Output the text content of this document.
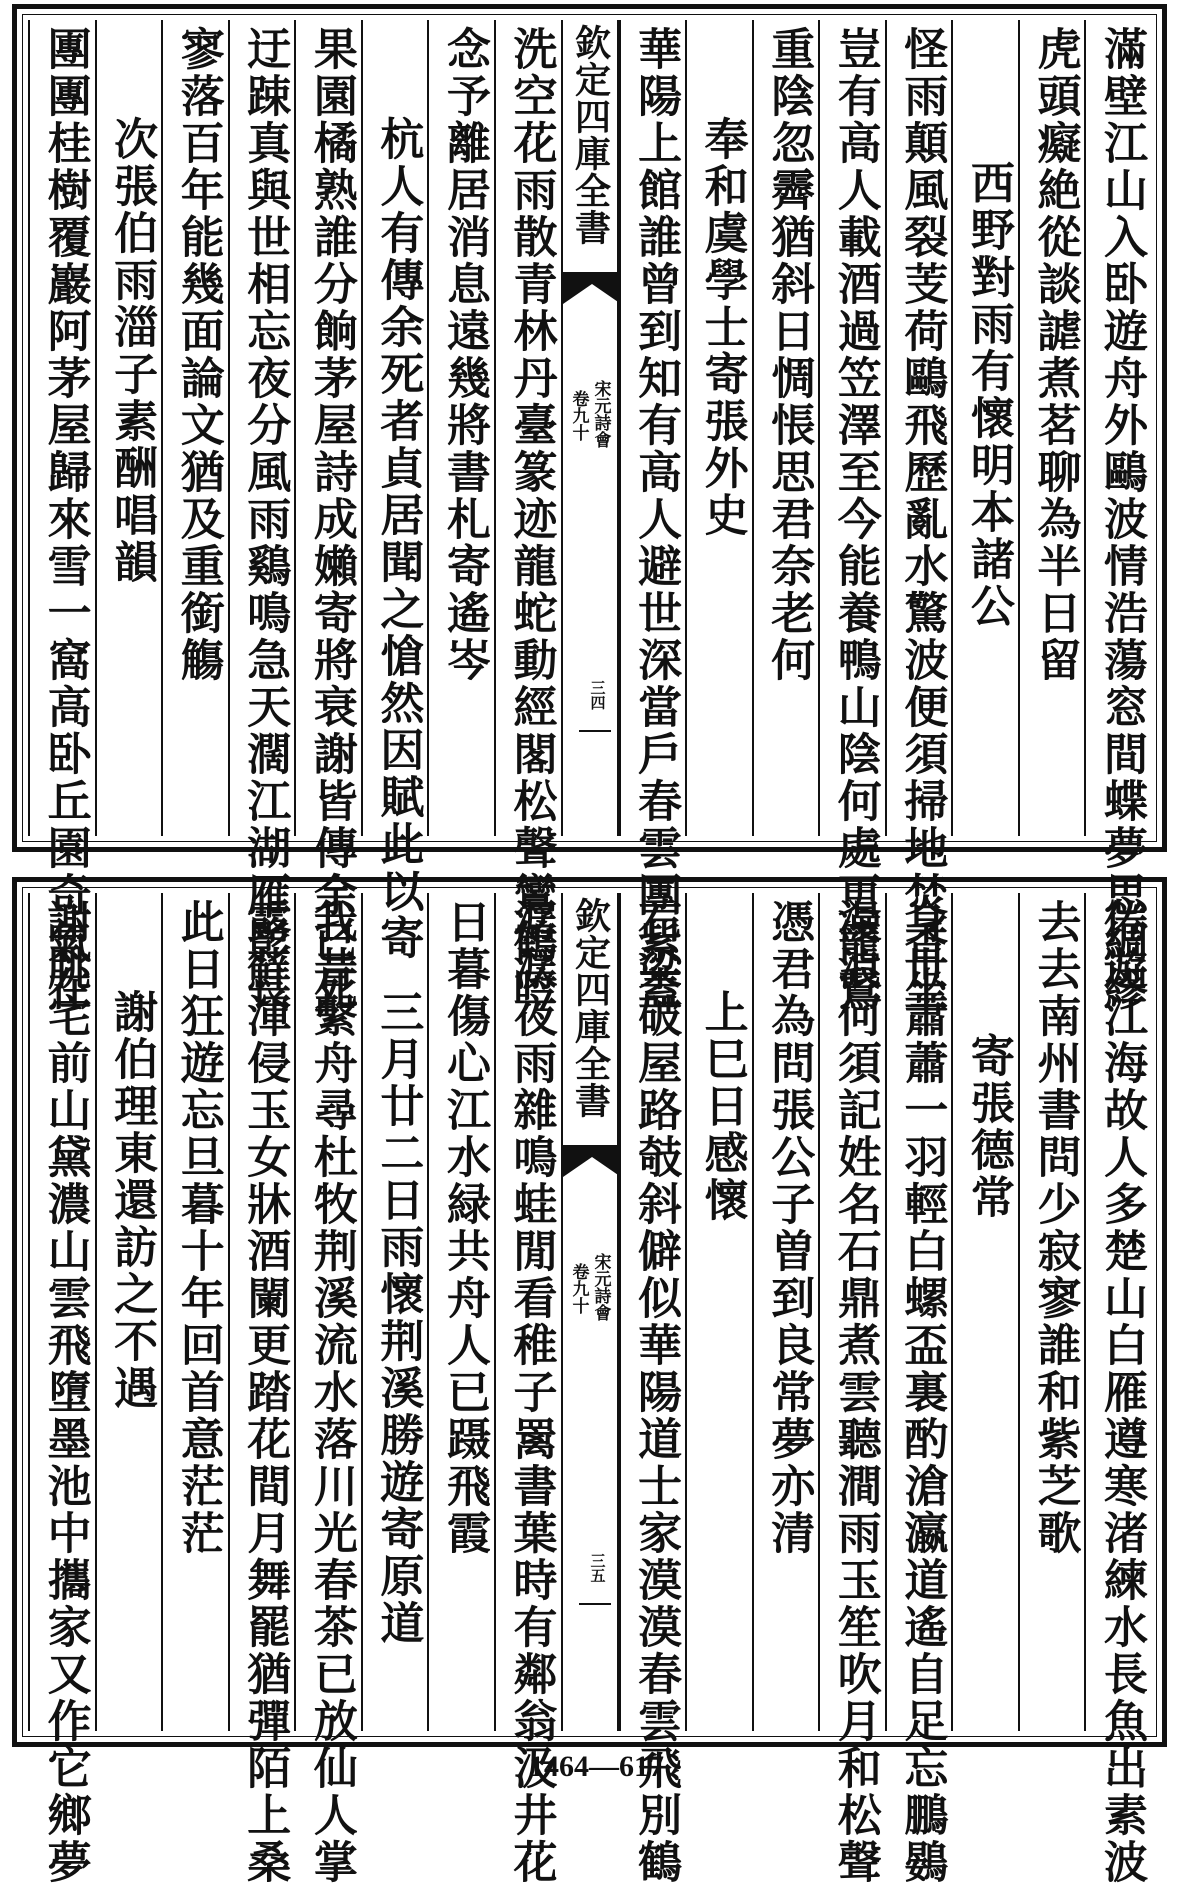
滿壁江山入卧遊舟外鷗波情浩蕩窓間蝶夢思綢繆
虎頭癡絶從談謔煮茗聊為半日留
西野對雨有懷明本諸公
怪雨顛風裂芰荷鷗飛歷亂水驚波便須掃地焚香坐
豈有高人載酒過笠澤至今能養鴨山陰何處更籠鵞
重陰忽霽猶斜日惆悵思君奈老何
奉和虞學士寄張外史
華陽上館誰曾到知有高人避世深當戶春雲團紫蓋
洗空花雨散青林丹臺篆迹龍蛇動經閣松聲鸞鶴吟
念予離居消息遠幾將書札寄遙岑
杭人有傳余死者貞居聞之愴然因賦此以寄
果園橘熟誰分餉茅屋詩成嬾寄將衰謝皆傳余已死
迂踈真與世相忘夜分風雨鷄鳴急天濶江湖雁影長
寥落百年能幾面論文猶及重銜觴
次張伯雨湽子素酬唱韻
團團桂樹覆巖阿茅屋歸來雪一窩高卧丘園奇氣在	欽定四庫全書
宋元詩會
卷九十
三四
倦遊江海故人多楚山白雁遵寒渚練水長魚出素波
去去南州書問少寂寥誰和紫芝歌
寄張德常
身世蕭蕭一羽輕白螺盃裏酌滄瀛道遙自足忘鵬鷃
漫浪何須記姓名石鼎煮雲聽澗雨玉笙吹月和松聲
憑君為問張公子曽到良常夢亦清
上巳日感懷
石梁破屋路攲斜僻似華陽道士家漠漠春雲飛別鶴
潺潺夜雨雜鳴蛙閒看稚子䍠書葉時有鄰翁汲井花
日暮傷心江水緑共舟人已蹑飛霞
三月廿二日雨懷荆溪勝遊寄原道
我昔繫舟尋杜牧荆溪流水落川光春茶已放仙人掌
露蘚渾侵玉女牀酒闌更踏花間月舞罷猶彈陌上桑
此日狂遊忘旦暮十年回首意茫茫
謝伯理東還訪之不遇
謝朓宅前山黛濃山雲飛墮墨池中攜家又作它鄉夢	欽定四庫全書
宋元詩會
卷九十
三五
1464—617
